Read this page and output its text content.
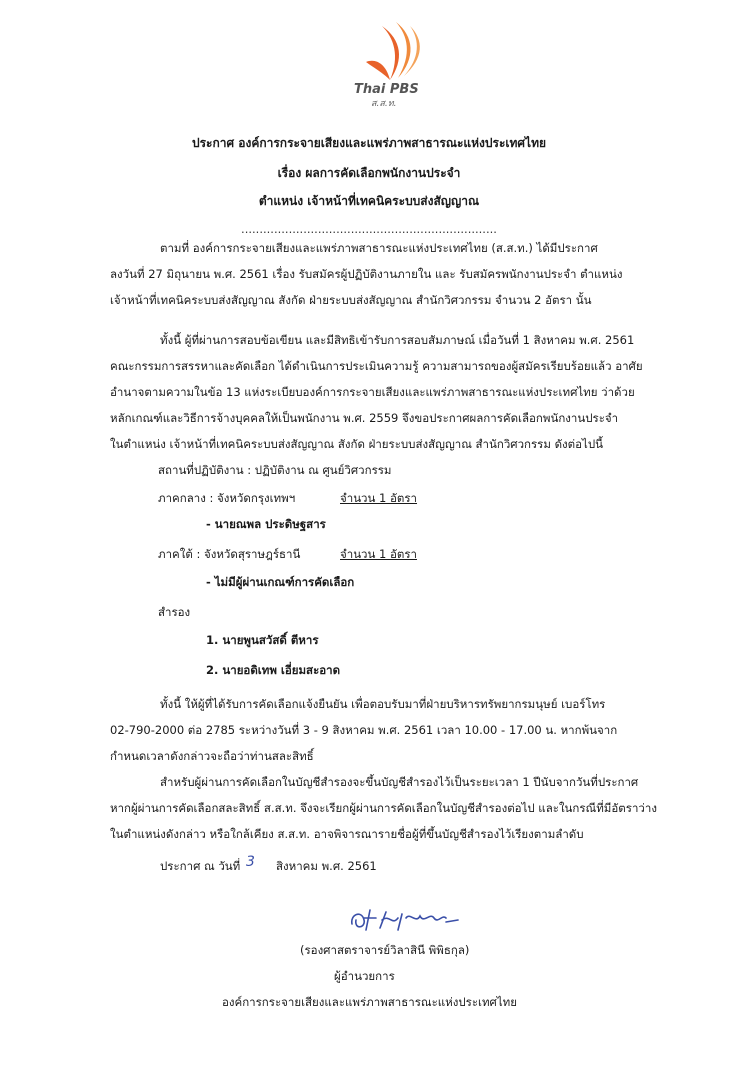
Thai PBS
ส.ส.ท.
ประกาศ องค์การกระจายเสียงและแพร่ภาพสาธารณะแห่งประเทศไทย
เรื่อง ผลการคัดเลือกพนักงานประจำ
ตำแหน่ง เจ้าหน้าที่เทคนิคระบบส่งสัญญาณ
......................................................................
ตามที่ องค์การกระจายเสียงและแพร่ภาพสาธารณะแห่งประเทศไทย (ส.ส.ท.) ได้มีประกาศ
ลงวันที่ 27 มิถุนายน พ.ศ. 2561 เรื่อง รับสมัครผู้ปฏิบัติงานภายใน และ รับสมัครพนักงานประจำ ตำแหน่ง
เจ้าหน้าที่เทคนิคระบบส่งสัญญาณ สังกัด ฝ่ายระบบส่งสัญญาณ สำนักวิศวกรรม จำนวน 2 อัตรา นั้น
ทั้งนี้ ผู้ที่ผ่านการสอบข้อเขียน และมีสิทธิเข้ารับการสอบสัมภาษณ์ เมื่อวันที่ 1 สิงหาคม พ.ศ. 2561
คณะกรรมการสรรหาและคัดเลือก ได้ดำเนินการประเมินความรู้ ความสามารถของผู้สมัครเรียบร้อยแล้ว อาศัย
อำนาจตามความในข้อ 13 แห่งระเบียบองค์การกระจายเสียงและแพร่ภาพสาธารณะแห่งประเทศไทย ว่าด้วย
หลักเกณฑ์และวิธีการจ้างบุคคลให้เป็นพนักงาน พ.ศ. 2559 จึงขอประกาศผลการคัดเลือกพนักงานประจำ
ในตำแหน่ง เจ้าหน้าที่เทคนิคระบบส่งสัญญาณ สังกัด ฝ่ายระบบส่งสัญญาณ สำนักวิศวกรรม ดังต่อไปนี้
สถานที่ปฏิบัติงาน : ปฏิบัติงาน ณ ศูนย์วิศวกรรม
ภาคกลาง : จังหวัดกรุงเทพฯ	จำนวน 1 อัตรา
- นายณพล ประดิษฐสาร
ภาคใต้ : จังหวัดสุราษฎร์ธานี	จำนวน 1 อัตรา
- ไม่มีผู้ผ่านเกณฑ์การคัดเลือก
สำรอง
1. นายพูนสวัสดิ์ ตีหาร
2. นายอดิเทพ เอี่ยมสะอาด
ทั้งนี้ ให้ผู้ที่ได้รับการคัดเลือกแจ้งยืนยัน เพื่อตอบรับมาที่ฝ่ายบริหารทรัพยากรมนุษย์ เบอร์โทร
02-790-2000 ต่อ 2785 ระหว่างวันที่ 3 - 9 สิงหาคม พ.ศ. 2561 เวลา 10.00 - 17.00 น. หากพ้นจาก
กำหนดเวลาดังกล่าวจะถือว่าท่านสละสิทธิ์
สำหรับผู้ผ่านการคัดเลือกในบัญชีสำรองจะขึ้นบัญชีสำรองไว้เป็นระยะเวลา 1 ปีนับจากวันที่ประกาศ
หากผู้ผ่านการคัดเลือกสละสิทธิ์ ส.ส.ท. จึงจะเรียกผู้ผ่านการคัดเลือกในบัญชีสำรองต่อไป และในกรณีที่มีอัตราว่าง
ในตำแหน่งดังกล่าว หรือใกล้เคียง ส.ส.ท. อาจพิจารณารายชื่อผู้ที่ขึ้นบัญชีสำรองไว้เรียงตามลำดับ
ประกาศ ณ วันที่ 3 สิงหาคม พ.ศ. 2561
(รองศาสตราจารย์วิลาสินี พิพิธกุล)
ผู้อำนวยการ
องค์การกระจายเสียงและแพร่ภาพสาธารณะแห่งประเทศไทย
